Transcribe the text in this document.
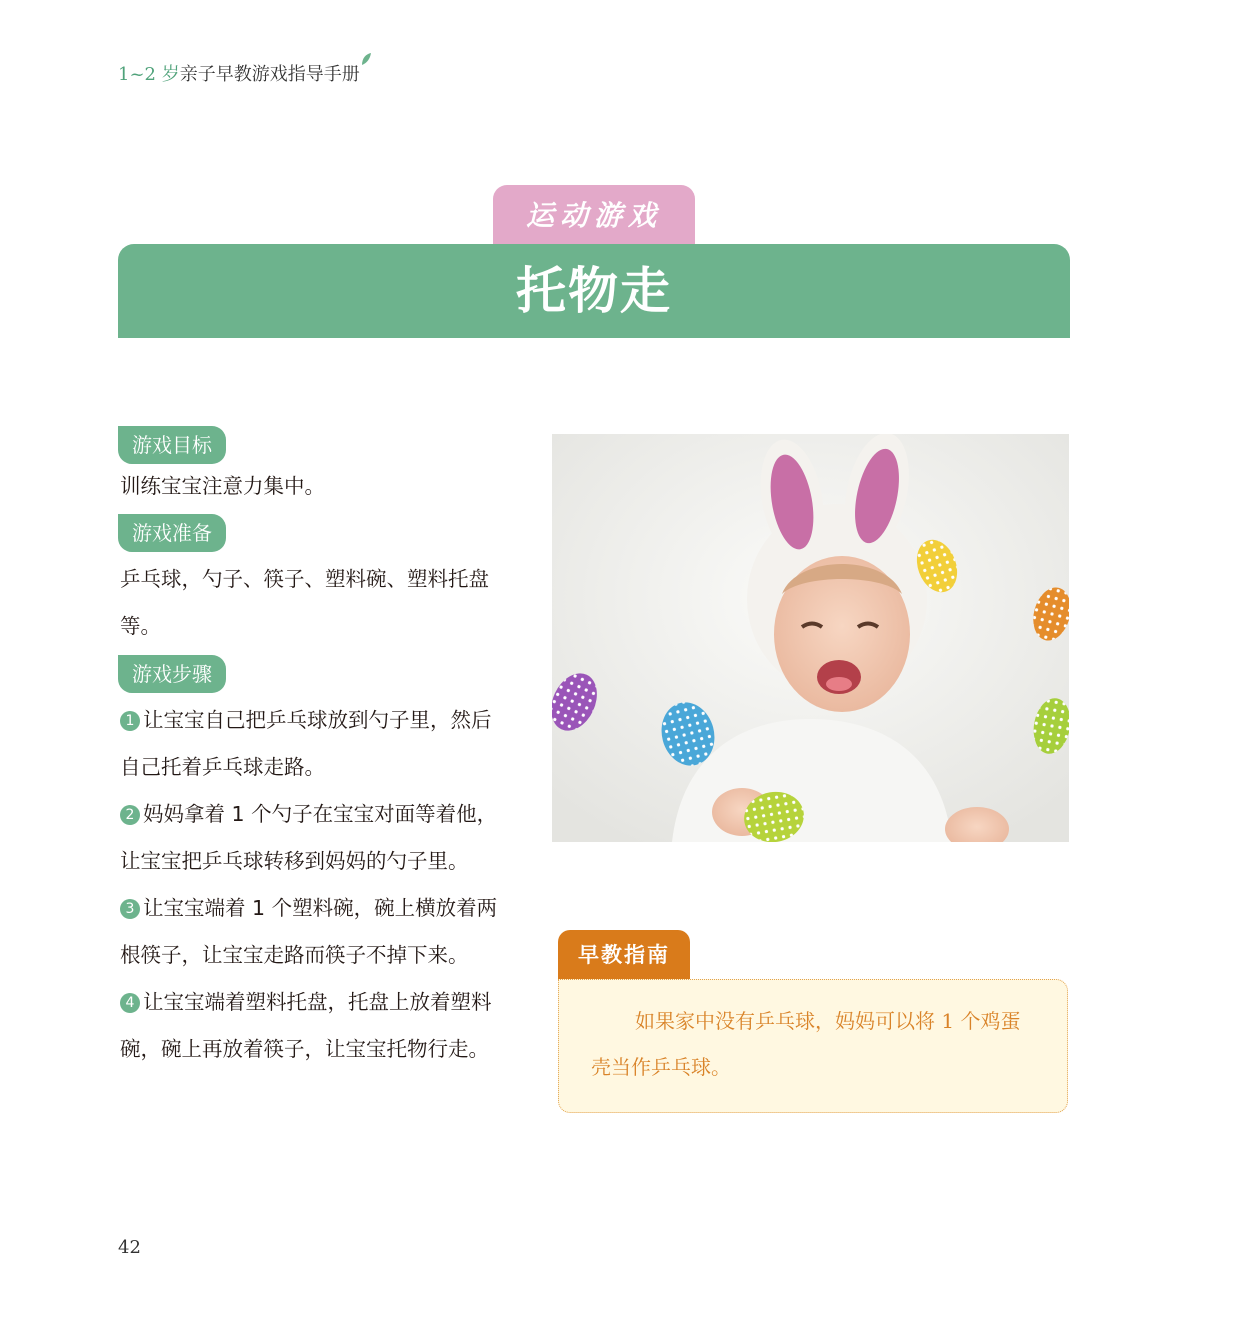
1~2 岁亲子早教游戏指导手册
运动游戏
托物走
游戏目标
训练宝宝注意力集中。
游戏准备
乒乓球，勺子、筷子、塑料碗、塑料托盘等。
游戏步骤
1 让宝宝自己把乒乓球放到勺子里，然后自己托着乒乓球走路。
2 妈妈拿着 1 个勺子在宝宝对面等着他，让宝宝把乒乓球转移到妈妈的勺子里。
3 让宝宝端着 1 个塑料碗，碗上横放着两根筷子，让宝宝走路而筷子不掉下来。
4 让宝宝端着塑料托盘，托盘上放着塑料碗，碗上再放着筷子，让宝宝托物行走。
早教指南
如果家中没有乒乓球，妈妈可以将 1 个鸡蛋壳当作乒乓球。
42
